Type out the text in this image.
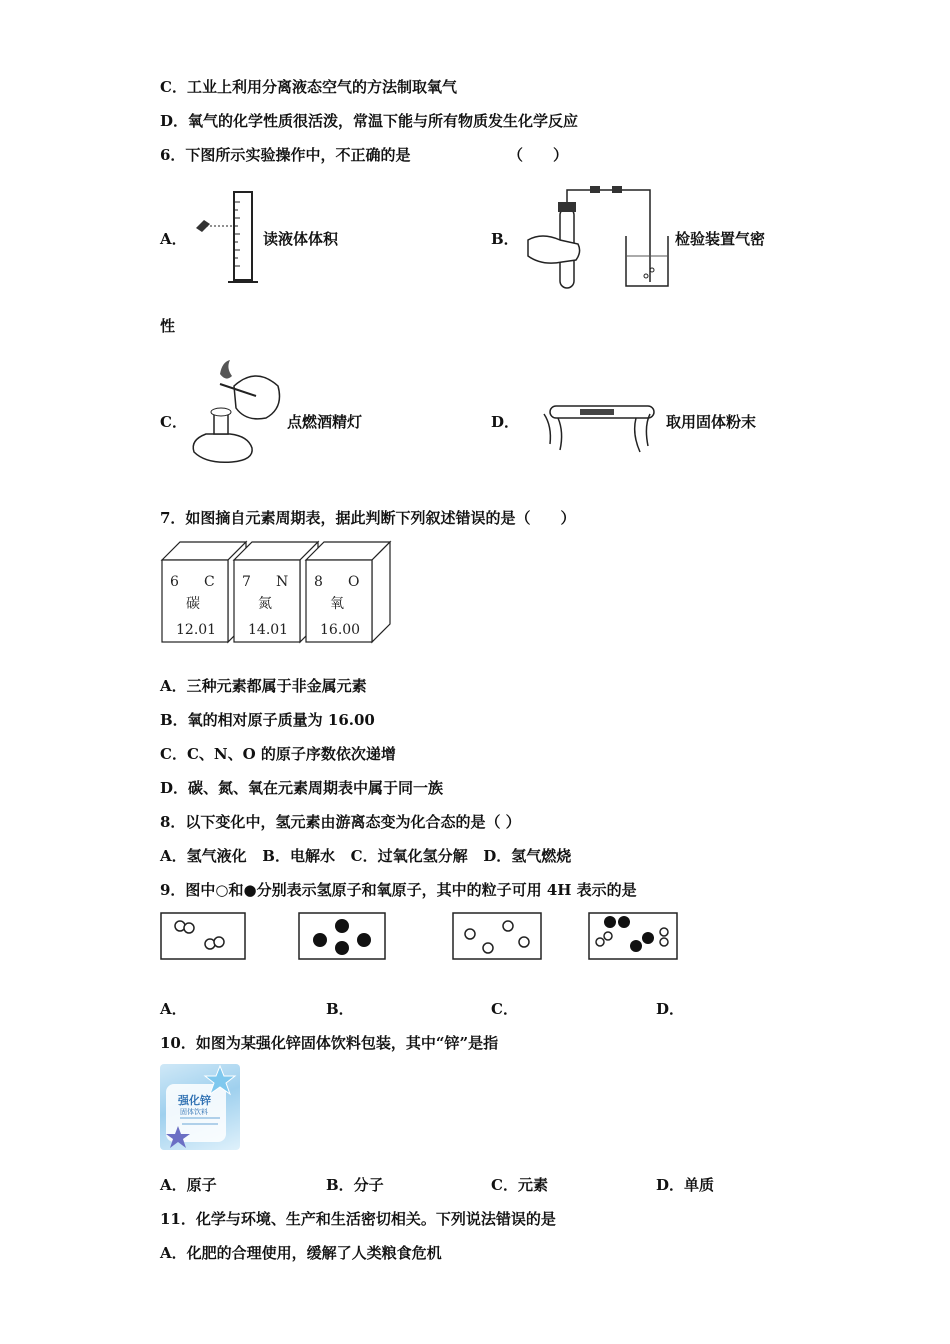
C．工业上利用分离液态空气的方法制取氧气
D．氧气的化学性质很活泼，常温下能与所有物质发生化学反应
6．下图所示实验操作中，不正确的是	（　　）
A．	读液体体积	B．	检验装置气密
性
C．	点燃酒精灯	D．	取用固体粉末
7．如图摘自元素周期表，据此判断下列叙述错误的是（　　）
6 C
碳
12.01
7 N
氮
14.01
8 O
氧
16.00
A．三种元素都属于非金属元素
B．氧的相对原子质量为 16.00
C．C、N、O 的原子序数依次递增
D．碳、氮、氧在元素周期表中属于同一族
8．以下变化中，氢元素由游离态变为化合态的是（ ）
A．氢气液化   B．电解水   C．过氧化氢分解   D．氢气燃烧
9．图中○和●分别表示氢原子和氧原子，其中的粒子可用 4H 表示的是
A．	B．	C．	D．
10．如图为某强化锌固体饮料包装，其中“锌”是指
强化锌
固体饮料
A．原子	B．分子	C．元素	D．单质
11．化学与环境、生产和生活密切相关。下列说法错误的是
A．化肥的合理使用，缓解了人类粮食危机
